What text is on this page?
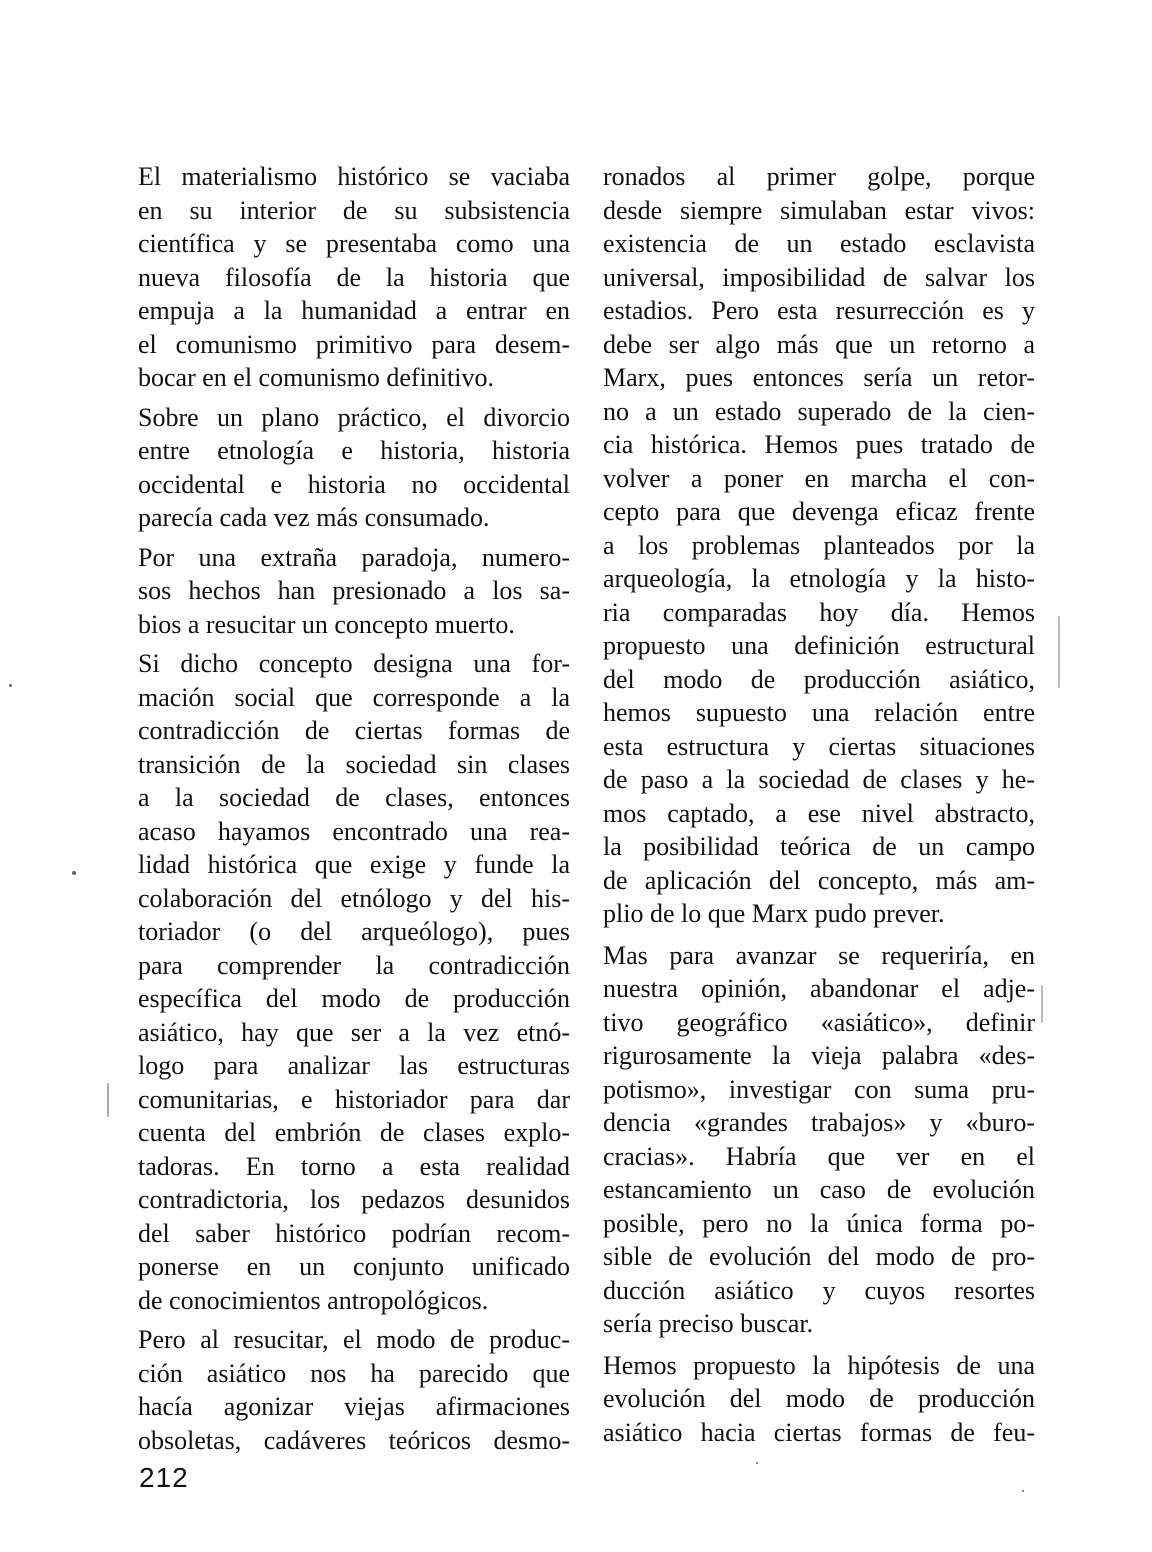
El materialismo histórico se vaciaba
en su interior de su subsistencia
científica y se presentaba como una
nueva filosofía de la historia que
empuja a la humanidad a entrar en
el comunismo primitivo para desem-
bocar en el comunismo definitivo.
Sobre un plano práctico, el divorcio
entre etnología e historia, historia
occidental e historia no occidental
parecía cada vez más consumado.
Por una extraña paradoja, numero-
sos hechos han presionado a los sa-
bios a resucitar un concepto muerto.
Si dicho concepto designa una for-
mación social que corresponde a la
contradicción de ciertas formas de
transición de la sociedad sin clases
a la sociedad de clases, entonces
acaso hayamos encontrado una rea-
lidad histórica que exige y funde la
colaboración del etnólogo y del his-
toriador (o del arqueólogo), pues
para comprender la contradicción
específica del modo de producción
asiático, hay que ser a la vez etnó-
logo para analizar las estructuras
comunitarias, e historiador para dar
cuenta del embrión de clases explo-
tadoras. En torno a esta realidad
contradictoria, los pedazos desunidos
del saber histórico podrían recom-
ponerse en un conjunto unificado
de conocimientos antropológicos.
Pero al resucitar, el modo de produc-
ción asiático nos ha parecido que
hacía agonizar viejas afirmaciones
obsoletas, cadáveres teóricos desmo-
ronados al primer golpe, porque
desde siempre simulaban estar vivos:
existencia de un estado esclavista
universal, imposibilidad de salvar los
estadios. Pero esta resurrección es y
debe ser algo más que un retorno a
Marx, pues entonces sería un retor-
no a un estado superado de la cien-
cia histórica. Hemos pues tratado de
volver a poner en marcha el con-
cepto para que devenga eficaz frente
a los problemas planteados por la
arqueología, la etnología y la histo-
ria comparadas hoy día. Hemos
propuesto una definición estructural
del modo de producción asiático,
hemos supuesto una relación entre
esta estructura y ciertas situaciones
de paso a la sociedad de clases y he-
mos captado, a ese nivel abstracto,
la posibilidad teórica de un campo
de aplicación del concepto, más am-
plio de lo que Marx pudo prever.
Mas para avanzar se requeriría, en
nuestra opinión, abandonar el adje-
tivo geográfico «asiático», definir
rigurosamente la vieja palabra «des-
potismo», investigar con suma pru-
dencia «grandes trabajos» y «buro-
cracias». Habría que ver en el
estancamiento un caso de evolución
posible, pero no la única forma po-
sible de evolución del modo de pro-
ducción asiático y cuyos resortes
sería preciso buscar.
Hemos propuesto la hipótesis de una
evolución del modo de producción
asiático hacia ciertas formas de feu-
212
